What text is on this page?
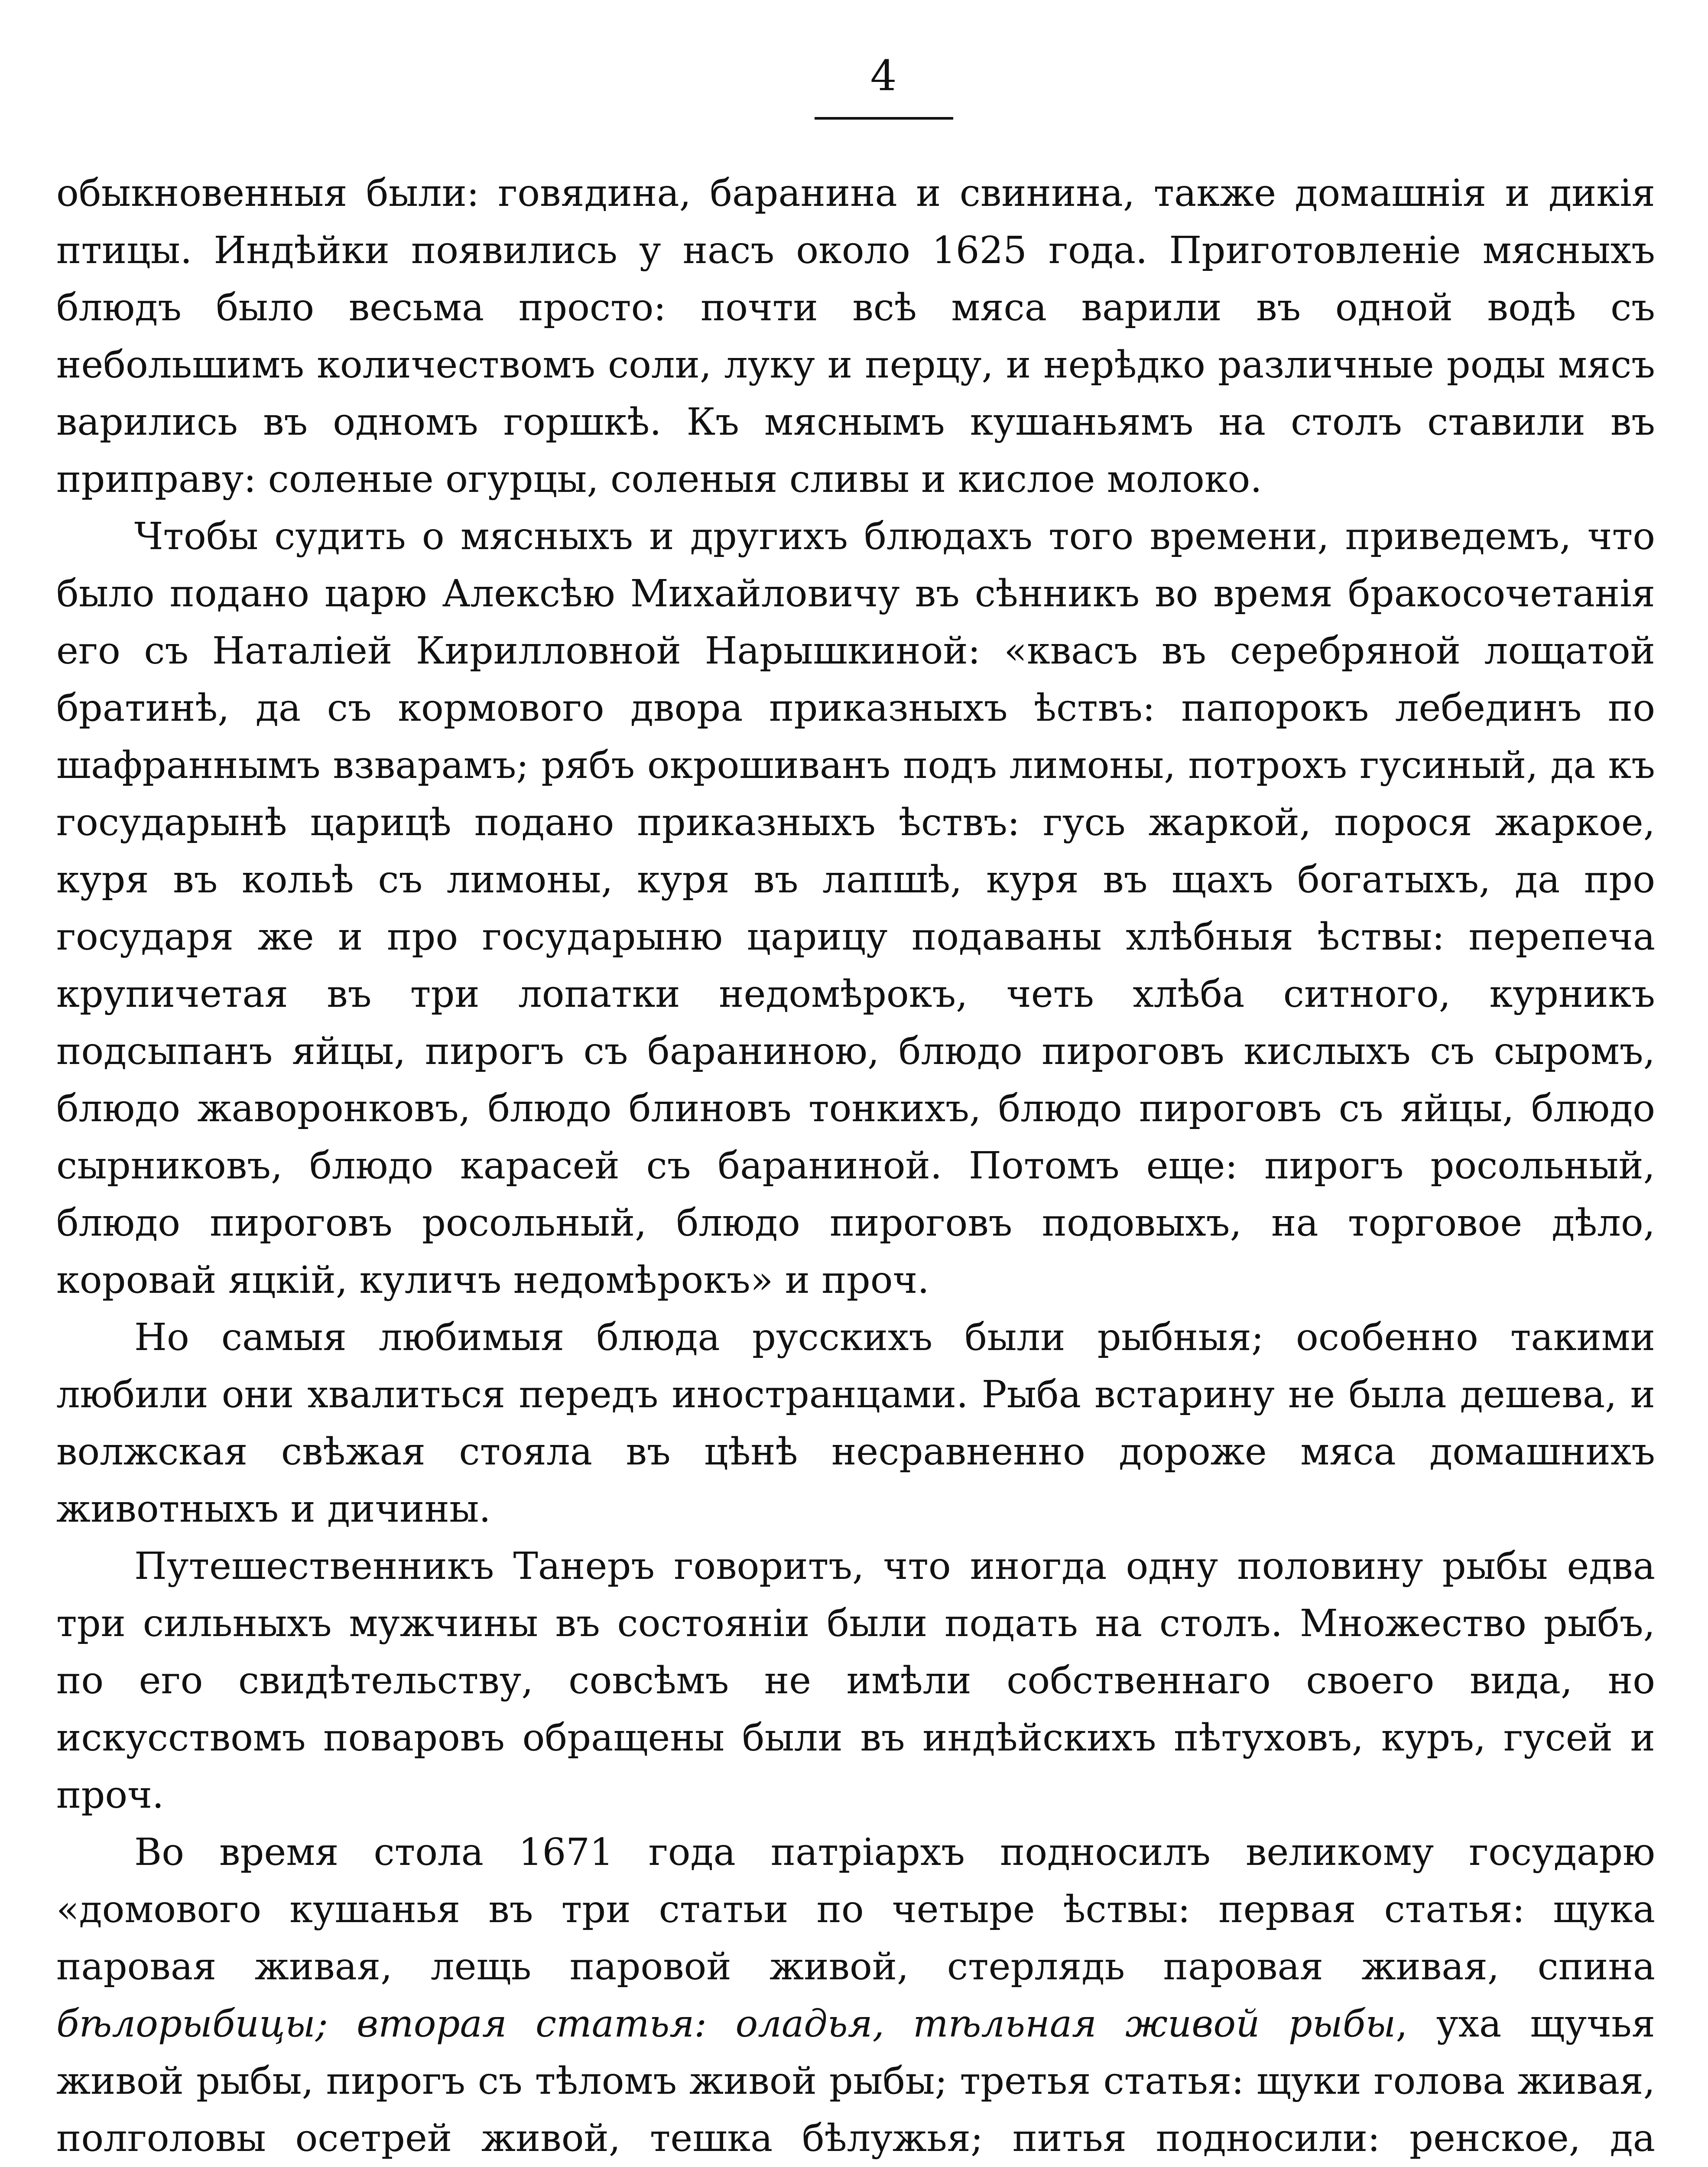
4

обыкновенныя были: говядина, баранина и свинина, также домашнія и дикія птицы. Индѣйки появились у насъ около 1625 года. Приготовленіе мясныхъ блюдъ было весьма просто: почти всѣ мяса варили въ одной водѣ съ небольшимъ количествомъ соли, луку и перцу, и нерѣдко различные роды мясъ варились въ одномъ горшкѣ. Къ мяснымъ кушаньямъ на столъ ставили въ приправу: соленые огурцы, соленыя сливы и кислое молоко.

Чтобы судить о мясныхъ и другихъ блюдахъ того времени, приведемъ, что было подано царю Алексѣю Михайловичу въ сѣнникъ во время бракосочетанія его съ Наталіей Кирилловной Нарышкиной: «квасъ въ серебряной лощатой братинѣ, да съ кормового двора приказныхъ ѣствъ: папорокъ лебединъ по шафраннымъ взварамъ; рябъ окрошиванъ подъ лимоны, потрохъ гусиный, да къ государынѣ царицѣ подано приказныхъ ѣствъ: гусь жаркой, порося жаркое, куря въ кольѣ съ лимоны, куря въ лапшѣ, куря въ щахъ богатыхъ, да про государя же и про государыню царицу подаваны хлѣбныя ѣствы: перепеча крупичетая въ три лопатки недомѣрокъ, четь хлѣба ситного, курникъ подсыпанъ яйцы, пирогъ съ бараниною, блюдо пироговъ кислыхъ съ сыромъ, блюдо жаворонковъ, блюдо блиновъ тонкихъ, блюдо пироговъ съ яйцы, блюдо сырниковъ, блюдо карасей съ бараниной. Потомъ еще: пирогъ росольный, блюдо пироговъ росольный, блюдо пироговъ подовыхъ, на торговое дѣло, коровай яцкій, куличъ недомѣрокъ» и проч.

Но самыя любимыя блюда русскихъ были рыбныя; особенно такими любили они хвалиться передъ иностранцами. Рыба встарину не была дешева, и волжская свѣжая стояла въ цѣнѣ несравненно дороже мяса домашнихъ животныхъ и дичины.

Путешественникъ Танеръ говоритъ, что иногда одну половину рыбы едва три сильныхъ мужчины въ состояніи были подать на столъ. Множество рыбъ, по его свидѣтельству, совсѣмъ не имѣли собственнаго своего вида, но искусствомъ поваровъ обращены были въ индѣйскихъ пѣтуховъ, куръ, гусей и проч.

Во время стола 1671 года патріархъ подносилъ великому государю «домового кушанья въ три статьи по четыре ѣствы: первая статья: щука паровая живая, лещь паровой живой, стерлядь паровая живая, спина бѣлорыбицы; вторая статья: оладья, тѣльная живой рыбы, уха щучья живой рыбы, пирогъ съ тѣломъ живой рыбы; третья статья: щуки голова живая, полголовы осетрей живой, тешка бѣлужья; питья подносили: ренское, да
